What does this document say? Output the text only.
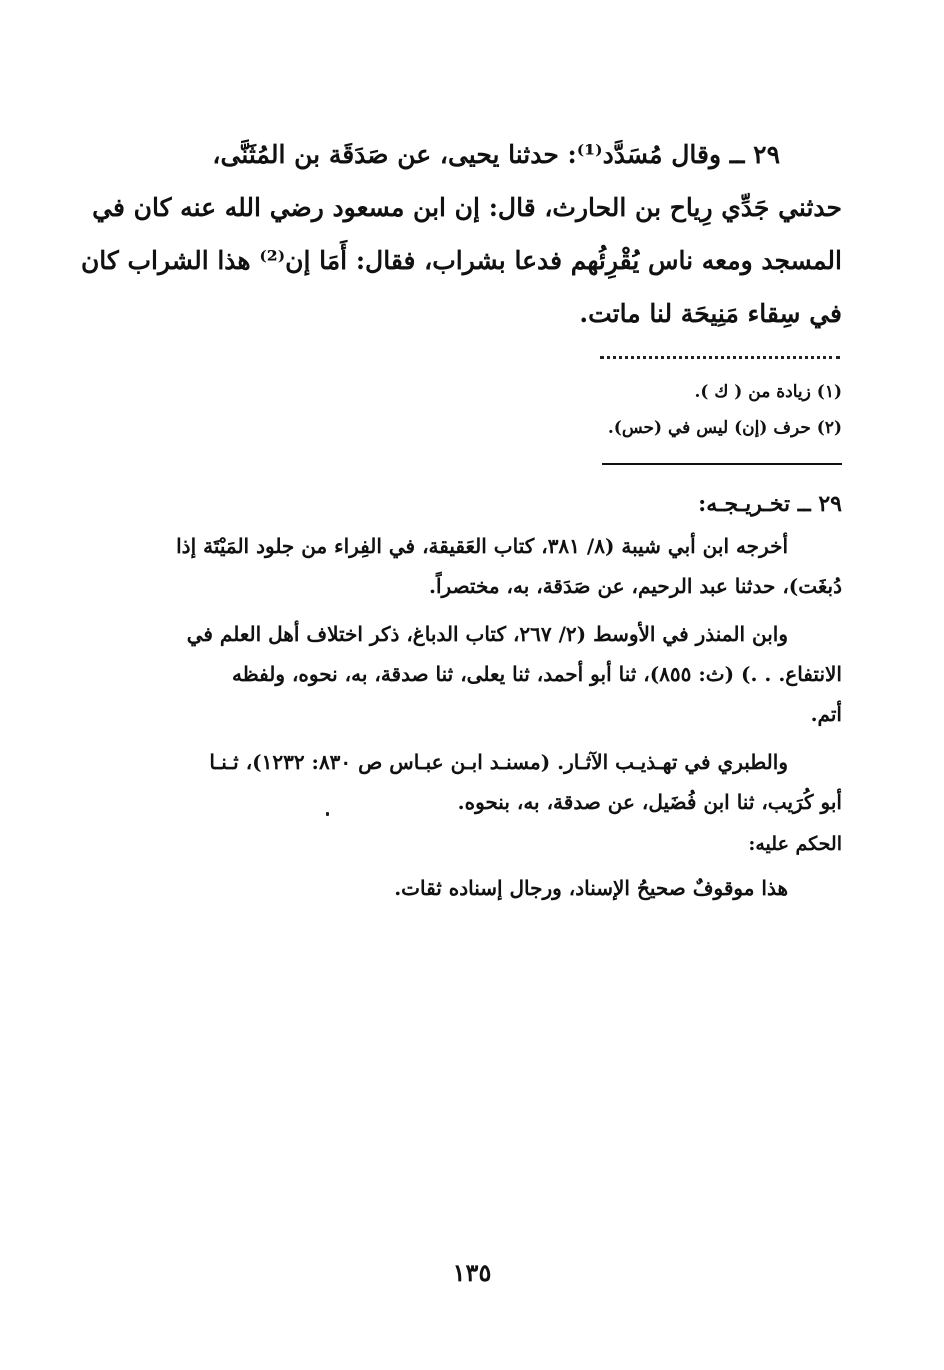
٢٩ ــ وقال مُسَدَّد⁽¹⁾: حدثنا يحيى، عن صَدَقَة بن المُثَنَّى،
حدثني جَدِّي رِياح بن الحارث، قال: إن ابن مسعود رضي الله عنه كان في
المسجد ومعه ناس يُقْرِئُهم فدعا بشراب، فقال: أَمَا إن⁽²⁾ هذا الشراب كان
في سِقاء مَنِيحَة لنا ماتت.
(١) زيادة من ( ك ).
(٢) حرف (إن) ليس في (حس).
٢٩ ــ تخـريـجـه:
أخرجه ابن أبي شيبة (٨/ ٣٨١، كتاب العَقيقة، في الفِراء من جلود المَيْتَة إذا
دُبغَت)، حدثنا عبد الرحيم، عن صَدَقة، به، مختصراً.
وابن المنذر في الأوسط (٢/ ٢٦٧، كتاب الدباغ، ذكر اختلاف أهل العلم في
الانتفاع. . .) (ث: ٨٥٥)، ثنا أبو أحمد، ثنا يعلى، ثنا صدقة، به، نحوه، ولفظه
أتم.
والطبري في تهـذيـب الآثـار. (مسنـد ابـن عبـاس ص ٨٣٠: ١٢٣٢)، ثـنـا
أبو كُرَيب، ثنا ابن فُضَيل، عن صدقة، به، بنحوه.
الحكم عليه:
هذا موقوفٌ صحيحُ الإسناد، ورجال إسناده ثقات.
١٣٥
